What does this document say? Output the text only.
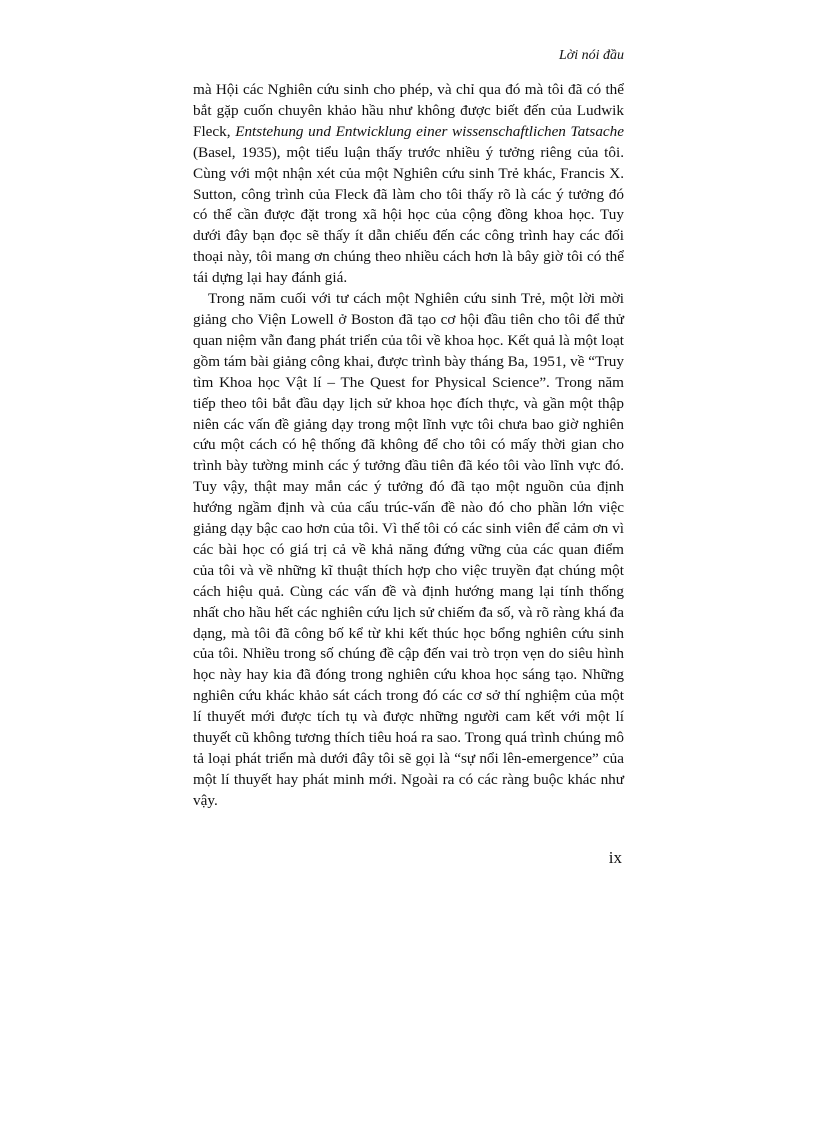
Lời nói đầu

mà Hội các Nghiên cứu sinh cho phép, và chỉ qua đó mà tôi đã có thể bắt gặp cuốn chuyên khảo hầu như không được biết đến của Ludwik Fleck, Entstehung und Entwicklung einer wissenschaftlichen Tatsache (Basel, 1935), một tiểu luận thấy trước nhiều ý tưởng riêng của tôi. Cùng với một nhận xét của một Nghiên cứu sinh Trẻ khác, Francis X. Sutton, công trình của Fleck đã làm cho tôi thấy rõ là các ý tưởng đó có thể cần được đặt trong xã hội học của cộng đồng khoa học. Tuy dưới đây bạn đọc sẽ thấy ít dẫn chiếu đến các công trình hay các đối thoại này, tôi mang ơn chúng theo nhiều cách hơn là bây giờ tôi có thể tái dựng lại hay đánh giá.

Trong năm cuối với tư cách một Nghiên cứu sinh Trẻ, một lời mời giảng cho Viện Lowell ở Boston đã tạo cơ hội đầu tiên cho tôi để thử quan niệm vẫn đang phát triển của tôi về khoa học. Kết quả là một loạt gồm tám bài giảng công khai, được trình bày tháng Ba, 1951, về “Truy tìm Khoa học Vật lí – The Quest for Physical Science”. Trong năm tiếp theo tôi bắt đầu dạy lịch sử khoa học đích thực, và gần một thập niên các vấn đề giảng dạy trong một lĩnh vực tôi chưa bao giờ nghiên cứu một cách có hệ thống đã không để cho tôi có mấy thời gian cho trình bày tường minh các ý tưởng đầu tiên đã kéo tôi vào lĩnh vực đó. Tuy vậy, thật may mắn các ý tưởng đó đã tạo một nguồn của định hướng ngầm định và của cấu trúc-vấn đề nào đó cho phần lớn việc giảng dạy bậc cao hơn của tôi. Vì thế tôi có các sinh viên để cảm ơn vì các bài học có giá trị cả về khả năng đứng vững của các quan điểm của tôi và về những kĩ thuật thích hợp cho việc truyền đạt chúng một cách hiệu quả. Cùng các vấn đề và định hướng mang lại tính thống nhất cho hầu hết các nghiên cứu lịch sử chiếm đa số, và rõ ràng khá đa dạng, mà tôi đã công bố kể từ khi kết thúc học bổng nghiên cứu sinh của tôi. Nhiều trong số chúng đề cập đến vai trò trọn vẹn do siêu hình học này hay kia đã đóng trong nghiên cứu khoa học sáng tạo. Những nghiên cứu khác khảo sát cách trong đó các cơ sở thí nghiệm của một lí thuyết mới được tích tụ và được những người cam kết với một lí thuyết cũ không tương thích tiêu hoá ra sao. Trong quá trình chúng mô tả loại phát triển mà dưới đây tôi sẽ gọi là “sự nổi lên-emergence” của một lí thuyết hay phát minh mới. Ngoài ra có các ràng buộc khác như vậy.

ix
